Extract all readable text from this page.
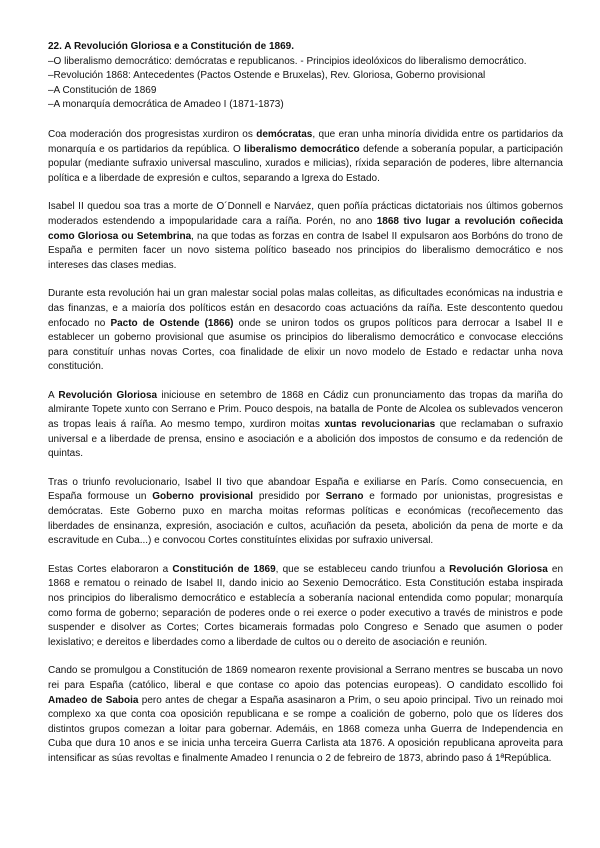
22. A Revolución Gloriosa e a Constitución de 1869.
–O liberalismo democrático: demócratas e republicanos. - Principios ideolóxicos do liberalismo democrático.
–Revolución 1868: Antecedentes (Pactos Ostende e Bruxelas), Rev. Gloriosa, Goberno provisional
–A Constitución de 1869
–A monarquía democrática de Amadeo I (1871-1873)

Coa moderación dos progresistas xurdiron os demócratas, que eran unha minoría dividida entre os partidarios da monarquía e os partidarios da república. O liberalismo democrático defende a soberanía popular, a participación popular (mediante sufraxio universal masculino, xurados e milicias), ríxida separación de poderes, libre alternancia política e a liberdade de expresión e cultos, separando a Igrexa do Estado.

Isabel II quedou soa tras a morte de O´Donnell e Narváez, quen poñía prácticas dictatoriais nos últimos gobernos moderados estendendo a impopularidade cara a raíña. Porén, no ano 1868 tivo lugar a revolución coñecida como Gloriosa ou Setembrina, na que todas as forzas en contra de Isabel II expulsaron aos Borbóns do trono de España e permiten facer un novo sistema político baseado nos principios do liberalismo democrático e nos intereses das clases medias.

Durante esta revolución hai un gran malestar social polas malas colleitas, as dificultades económicas na industria e das finanzas, e a maioría dos políticos están en desacordo coas actuacións da raíña. Este descontento quedou enfocado no Pacto de Ostende (1866) onde se uniron todos os grupos políticos para derrocar a Isabel II e establecer un goberno provisional que asumise os principios do liberalismo democrático e convocase eleccións para constituír unhas novas Cortes, coa finalidade de elixir un novo modelo de Estado e redactar unha nova constitución.

A Revolución Gloriosa iniciouse en setembro de 1868 en Cádiz cun pronunciamento das tropas da mariña do almirante Topete xunto con Serrano e Prim. Pouco despois, na batalla de Ponte de Alcolea os sublevados venceron as tropas leais á raíña. Ao mesmo tempo, xurdiron moitas xuntas revolucionarias que reclamaban o sufraxio universal e a liberdade de prensa, ensino e asociación e a abolición dos impostos de consumo e da redención de quintas.

Tras o triunfo revolucionario, Isabel II tivo que abandoar España e exiliarse en París. Como consecuencia, en España formouse un Goberno provisional presidido por Serrano e formado por unionistas, progresistas e demócratas. Este Goberno puxo en marcha moitas reformas políticas e económicas (recoñecemento das liberdades de ensinanza, expresión, asociación e cultos, acuñación da peseta, abolición da pena de morte e da escravitude en Cuba...) e convocou Cortes constituíntes elixidas por sufraxio universal.

Estas Cortes elaboraron a Constitución de 1869, que se estableceu cando triunfou a Revolución Gloriosa en 1868 e rematou o reinado de Isabel II, dando inicio ao Sexenio Democrático. Esta Constitución estaba inspirada nos principios do liberalismo democrático e establecía a soberanía nacional entendida como popular; monarquía como forma de goberno; separación de poderes onde o rei exerce o poder executivo a través de ministros e pode suspender e disolver as Cortes; Cortes bicamerais formadas polo Congreso e Senado que asumen o poder lexislativo; e dereitos e liberdades como a liberdade de cultos ou o dereito de asociación e reunión.

Cando se promulgou a Constitución de 1869 nomearon rexente provisional a Serrano mentres se buscaba un novo rei para España (católico, liberal e que contase co apoio das potencias europeas). O candidato escollido foi Amadeo de Saboia pero antes de chegar a España asasinaron a Prim, o seu apoio principal. Tivo un reinado moi complexo xa que conta coa oposición republicana e se rompe a coalición de goberno, polo que os líderes dos distintos grupos comezan a loitar para gobernar. Ademáis, en 1868 comeza unha Guerra de Independencia en Cuba que dura 10 anos e se inicia unha terceira Guerra Carlista ata 1876. A oposición republicana aproveita para intensificar as súas revoltas e finalmente Amadeo I renuncia o 2 de febreiro de 1873, abrindo paso á 1ªRepública.
